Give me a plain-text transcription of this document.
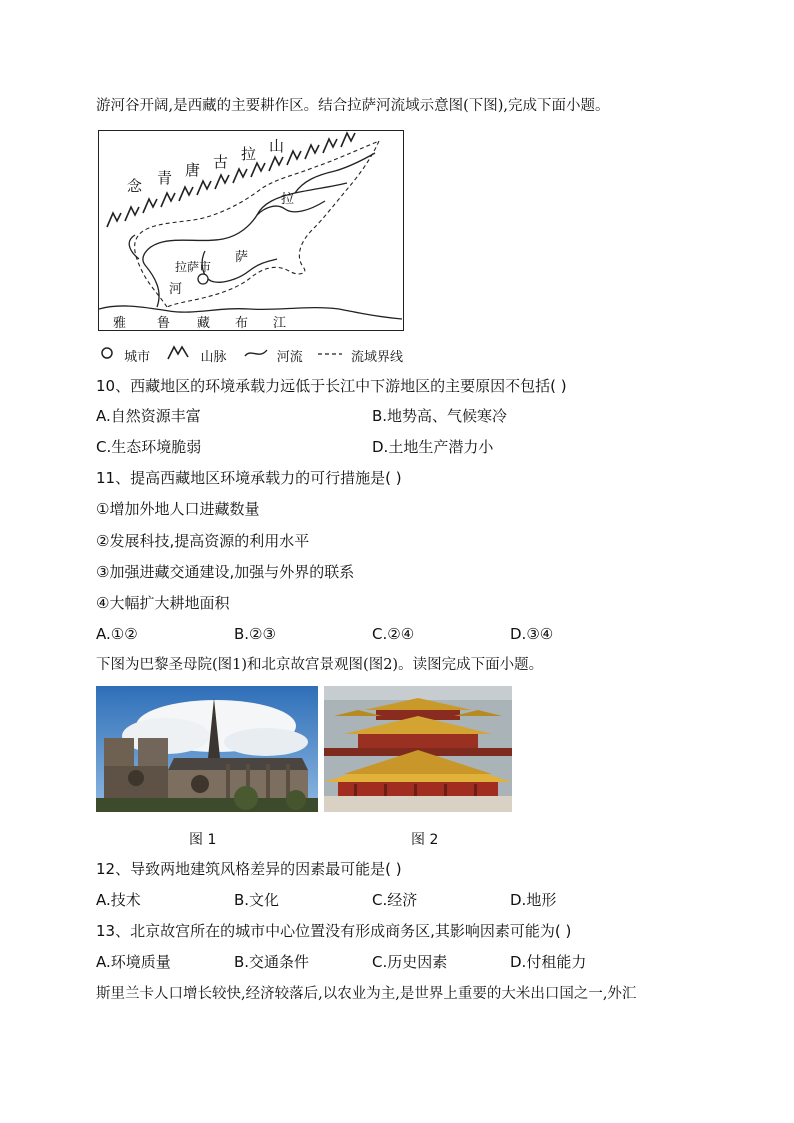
游河谷开阔,是西藏的主要耕作区。结合拉萨河流域示意图(下图),完成下面小题。
念 青 唐 古 拉 山
拉
萨
河
拉萨市
雅 鲁 藏 布 江
城市	山脉	河流	流域界线
10、西藏地区的环境承载力远低于长江中下游地区的主要原因不包括( )
A.自然资源丰富	B.地势高、气候寒冷
C.生态环境脆弱	D.土地生产潜力小
11、提高西藏地区环境承载力的可行措施是( )
①增加外地人口进藏数量
②发展科技,提高资源的利用水平
③加强进藏交通建设,加强与外界的联系
④大幅扩大耕地面积
A.①②	B.②③	C.②④	D.③④
下图为巴黎圣母院(图1)和北京故宫景观图(图2)。读图完成下面小题。
图 1	图 2
12、导致两地建筑风格差异的因素最可能是( )
A.技术	B.文化	C.经济	D.地形
13、北京故宫所在的城市中心位置没有形成商务区,其影响因素可能为( )
A.环境质量	B.交通条件	C.历史因素	D.付租能力
斯里兰卡人口增长较快,经济较落后,以农业为主,是世界上重要的大米出口国之一,外汇
